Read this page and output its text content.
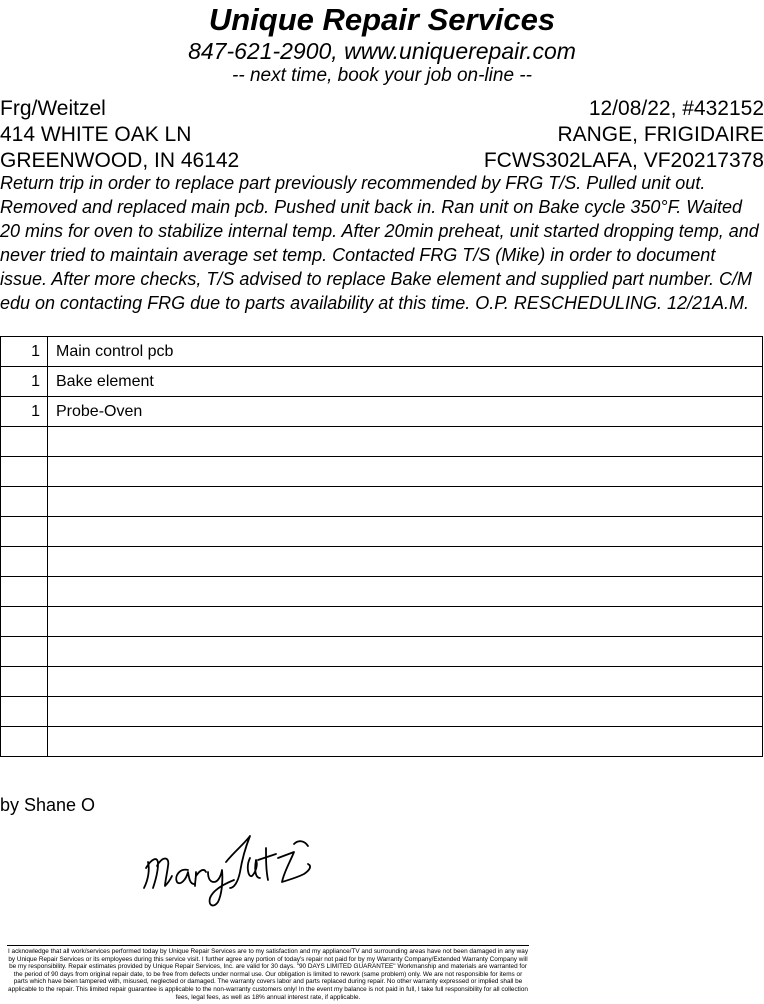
Unique Repair Services
847-621-2900, www.uniquerepair.com
-- next time, book your job on-line --
Frg/Weitzel	12/08/22, #432152
414 WHITE OAK LN	RANGE, FRIGIDAIRE
GREENWOOD, IN 46142	FCWS302LAFA, VF20217378
Return trip in order to replace part previously recommended by FRG T/S. Pulled unit out. Removed and replaced main pcb. Pushed unit back in. Ran unit on Bake cycle 350°F. Waited 20 mins for oven to stabilize internal temp. After 20min preheat, unit started dropping temp, and never tried to maintain average set temp. Contacted FRG T/S (Mike) in order to document issue. After more checks, T/S advised to replace Bake element and supplied part number. C/M edu on contacting FRG due to parts availability at this time. O.P. RESCHEDULING. 12/21A.M.
1	Main control pcb
1	Bake element
1	Probe-Oven

by Shane O
I acknowledge that all work/services performed today by Unique Repair Services are to my satisfaction and my appliance/TV and surrounding areas have not been damaged in any way by Unique Repair Services or its employees during this service visit. I further agree any portion of today's repair not paid for by my Warranty Company/Extended Warranty Company will be my responsibility. Repair estimates provided by Unique Repair Services, Inc. are valid for 30 days. "90 DAYS LIMITED GUARANTEE" Workmanship and materials are warranted for the period of 90 days from original repair date, to be free from defects under normal use. Our obligation is limited to rework (same problem) only. We are not responsible for items or parts which have been tampered with, misused, neglected or damaged. The warranty covers labor and parts replaced during repair. No other warranty expressed or implied shall be applicable to the repair. This limited repair guarantee is applicable to the non-warranty customers only! In the event my balance is not paid in full, I take full responsibility for all collection fees, legal fees, as well as 18% annual interest rate, if applicable.
